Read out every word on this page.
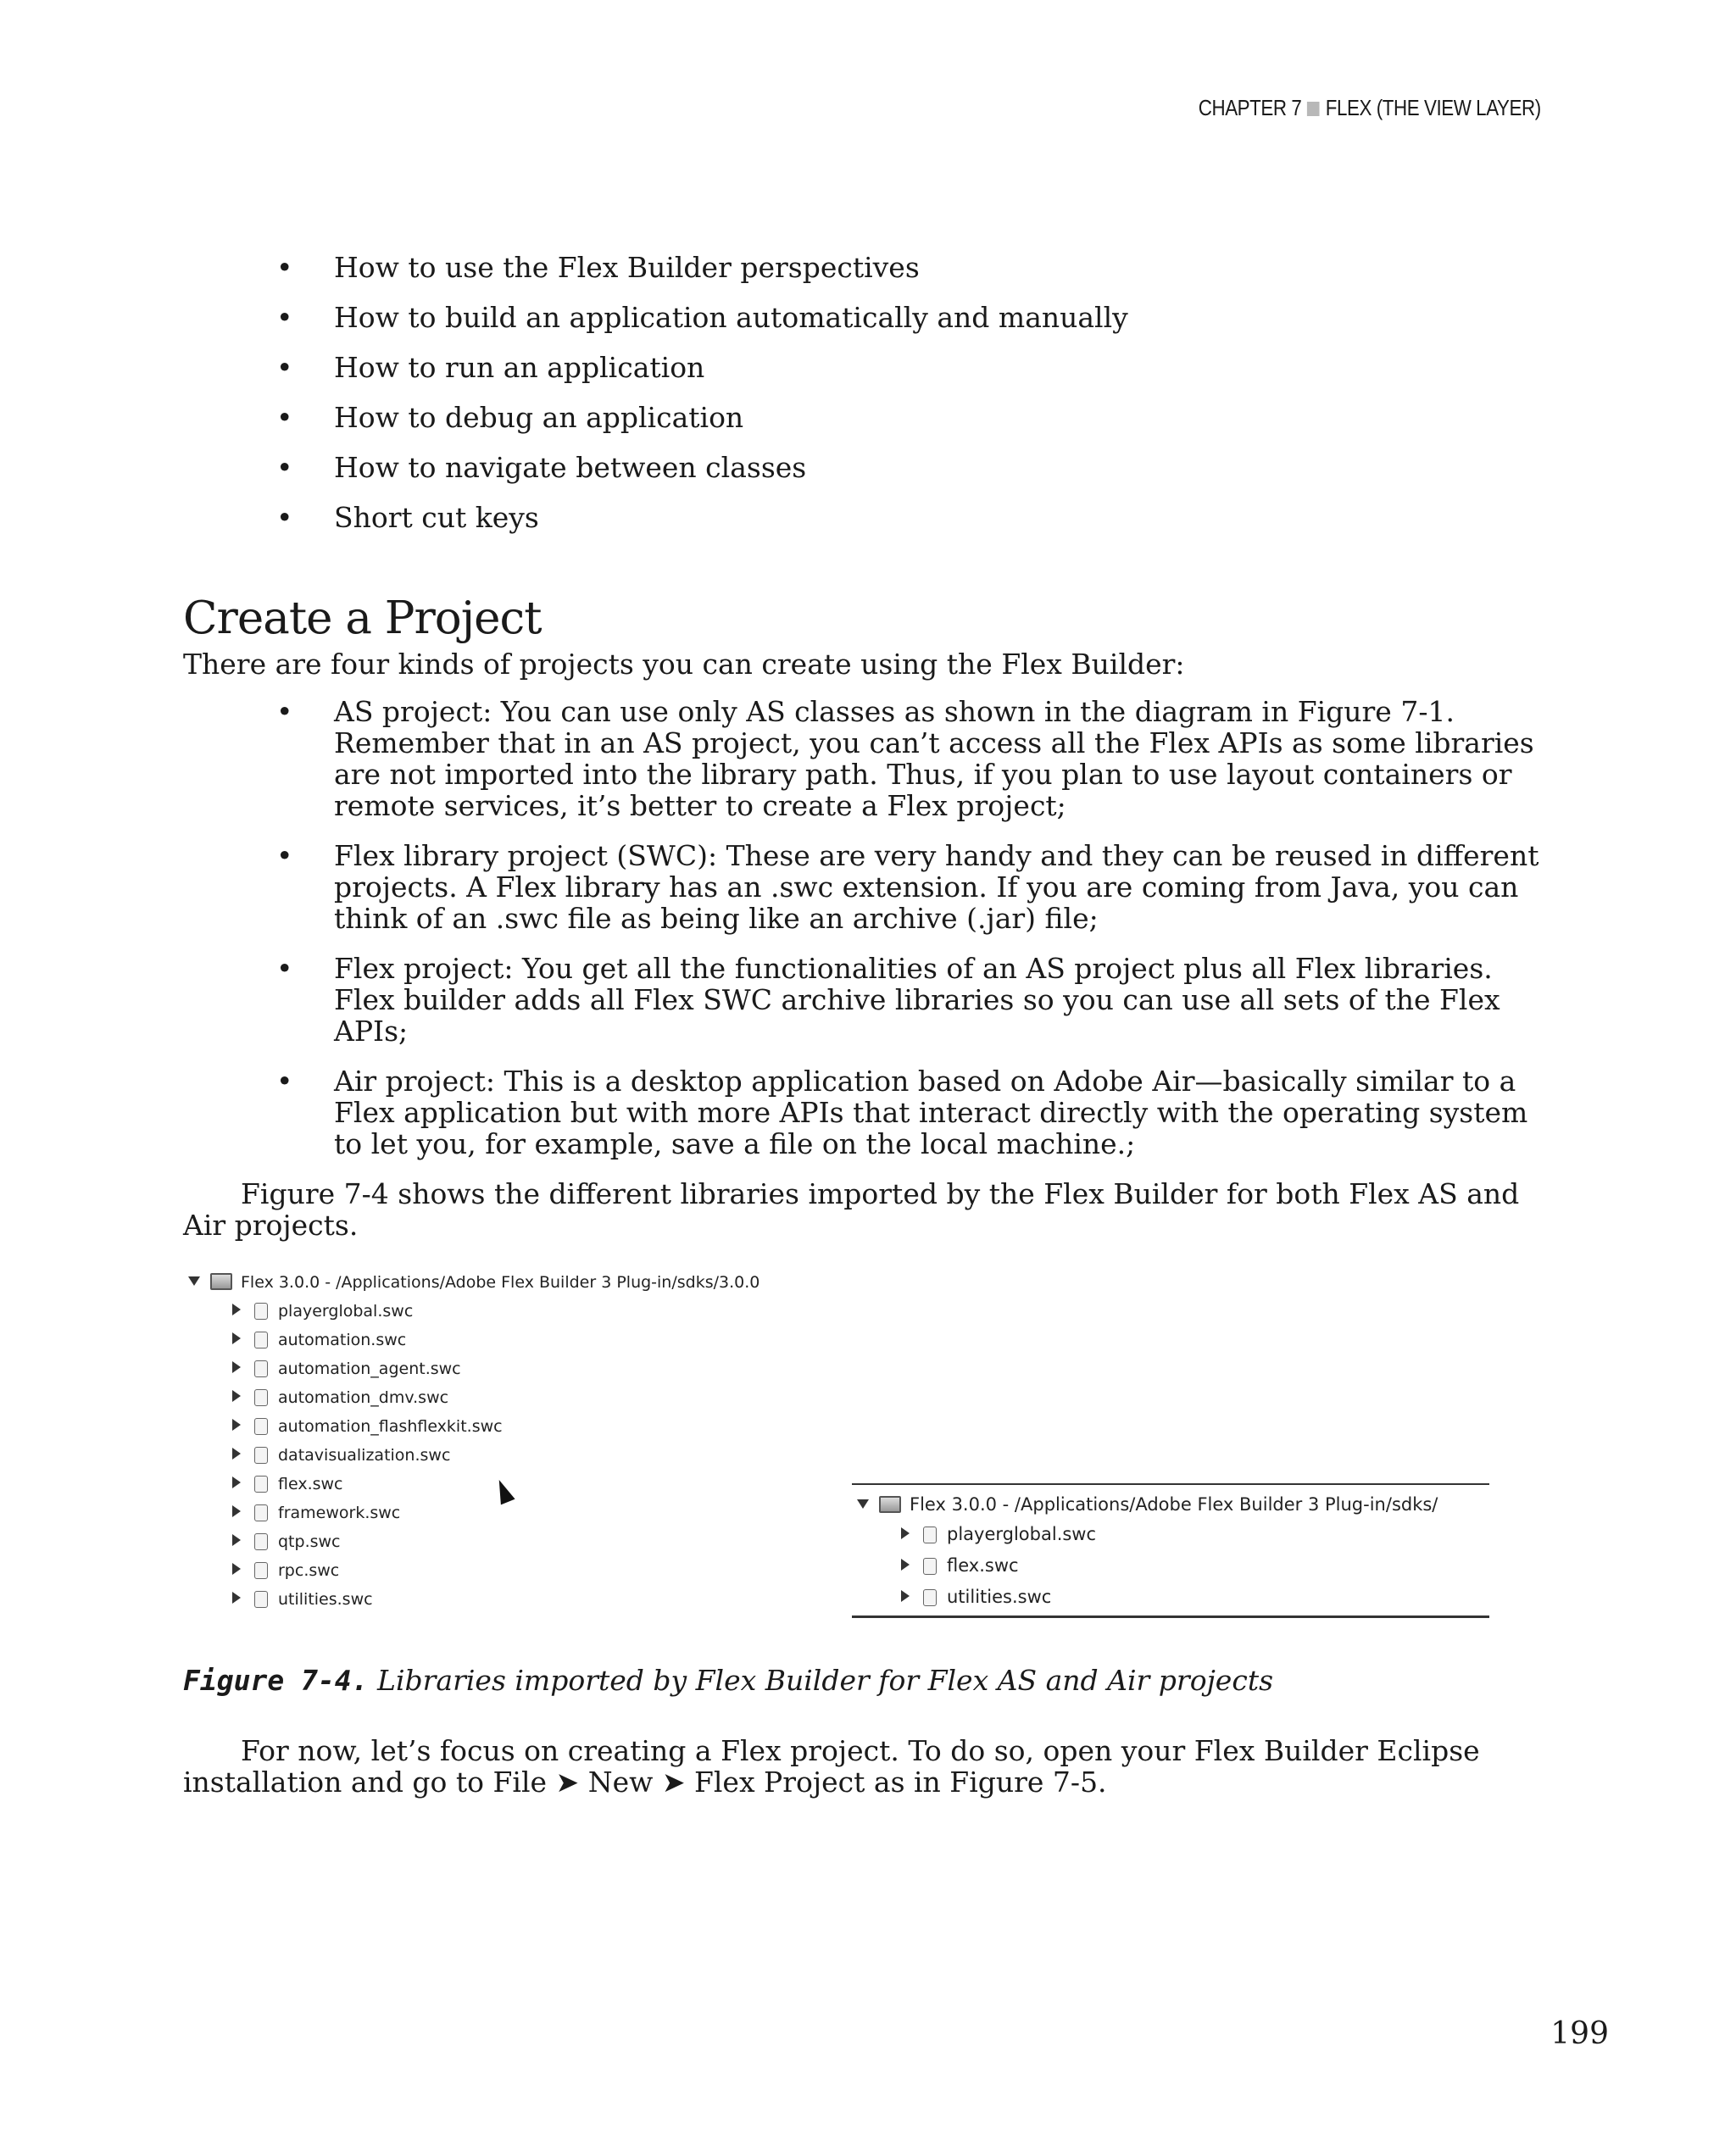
CHAPTER 7 FLEX (THE VIEW LAYER)
• How to use the Flex Builder perspectives
• How to build an application automatically and manually
• How to run an application
• How to debug an application
• How to navigate between classes
• Short cut keys
Create a Project
There are four kinds of projects you can create using the Flex Builder:
• AS project: You can use only AS classes as shown in the diagram in Figure 7-1. Remember that in an AS project, you can’t access all the Flex APIs as some libraries are not imported into the library path. Thus, if you plan to use layout containers or remote services, it’s better to create a Flex project;
• Flex library project (SWC): These are very handy and they can be reused in different projects. A Flex library has an .swc extension. If you are coming from Java, you can think of an .swc file as being like an archive (.jar) file;
• Flex project: You get all the functionalities of an AS project plus all Flex libraries. Flex builder adds all Flex SWC archive libraries so you can use all sets of the Flex APIs;
• Air project: This is a desktop application based on Adobe Air—basically similar to a Flex application but with more APIs that interact directly with the operating system to let you, for example, save a file on the local machine.;
Figure 7-4 shows the different libraries imported by the Flex Builder for both Flex AS and Air projects.
Flex 3.0.0 - /Applications/Adobe Flex Builder 3 Plug-in/sdks/3.0.0
playerglobal.swc
automation.swc
automation_agent.swc
automation_dmv.swc
automation_flashflexkit.swc
datavisualization.swc
flex.swc
framework.swc
qtp.swc
rpc.swc
utilities.swc
Flex 3.0.0 - /Applications/Adobe Flex Builder 3 Plug-in/sdks/
playerglobal.swc
flex.swc
utilities.swc
Figure 7-4. Libraries imported by Flex Builder for Flex AS and Air projects
For now, let’s focus on creating a Flex project. To do so, open your Flex Builder Eclipse installation and go to File ➤ New ➤ Flex Project as in Figure 7-5.
199
